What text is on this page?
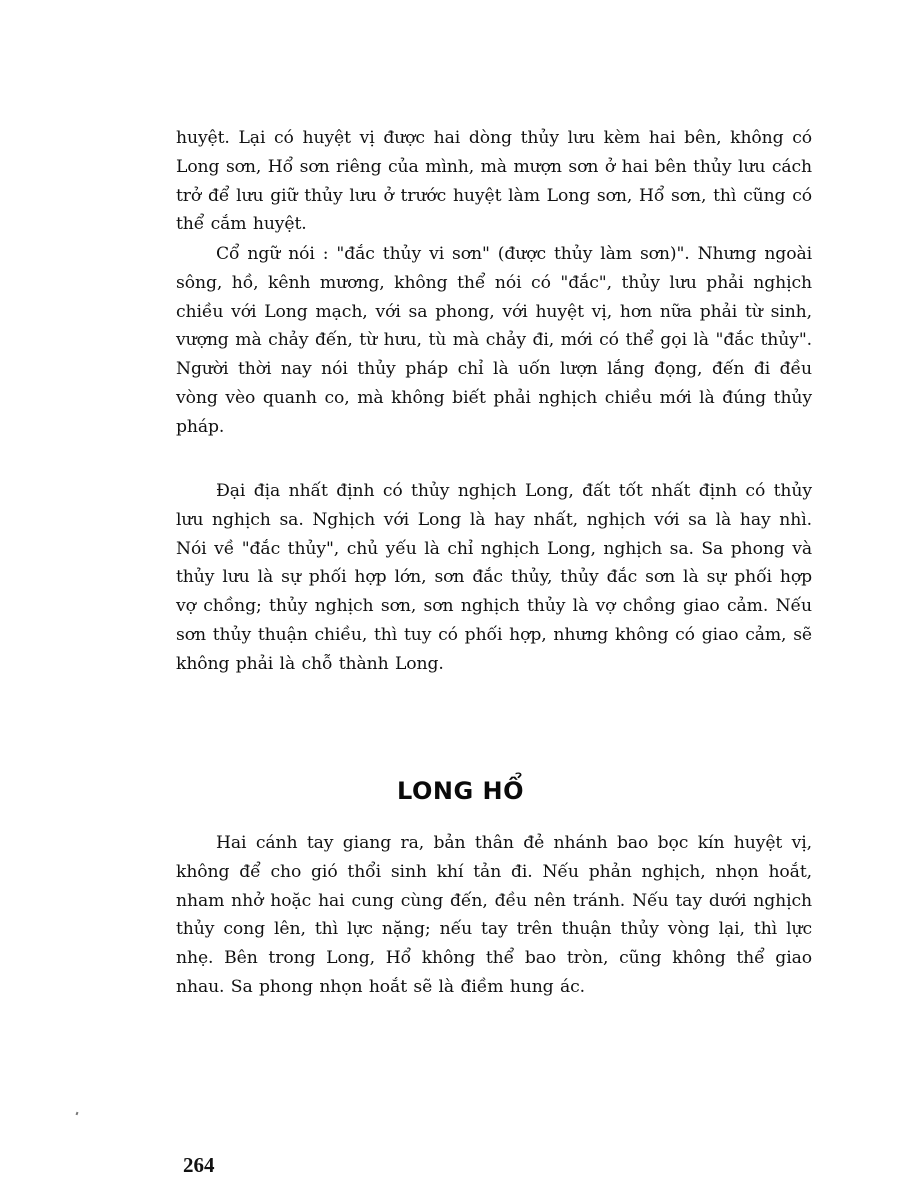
huyệt. Lại có huyệt vị được hai dòng thủy lưu kèm hai bên, không có Long sơn, Hổ sơn riêng của mình, mà mượn sơn ở hai bên thủy lưu cách trở để lưu giữ thủy lưu ở trước huyệt làm Long sơn, Hổ sơn, thì cũng có thể cắm huyệt.

Cổ ngữ nói : "đắc thủy vi sơn" (được thủy làm sơn)". Nhưng ngoài sông, hồ, kênh mương, không thể nói có "đắc", thủy lưu phải nghịch chiều với Long mạch, với sa phong, với huyệt vị, hơn nữa phải từ sinh, vượng mà chảy đến, từ hưu, tù mà chảy đi, mới có thể gọi là "đắc thủy". Người thời nay nói thủy pháp chỉ là uốn lượn lắng đọng, đến đi đều vòng vèo quanh co, mà không biết phải nghịch chiều mới là đúng thủy pháp.

Đại địa nhất định có thủy nghịch Long, đất tốt nhất định có thủy lưu nghịch sa. Nghịch với Long là hay nhất, nghịch với sa là hay nhì. Nói về "đắc thủy", chủ yếu là chỉ nghịch Long, nghịch sa. Sa phong và thủy lưu là sự phối hợp lớn, sơn đắc thủy, thủy đắc sơn là sự phối hợp vợ chồng; thủy nghịch sơn, sơn nghịch thủy là vợ chồng giao cảm. Nếu sơn thủy thuận chiều, thì tuy có phối hợp, nhưng không có giao cảm, sẽ không phải là chỗ thành Long.

LONG HỔ

Hai cánh tay giang ra, bản thân đẻ nhánh bao bọc kín huyệt vị, không để cho gió thổi sinh khí tản đi. Nếu phản nghịch, nhọn hoắt, nham nhở hoặc hai cung cùng đến, đều nên tránh. Nếu tay dưới nghịch thủy cong lên, thì lực nặng; nếu tay trên thuận thủy vòng lại, thì lực nhẹ. Bên trong Long, Hổ không thể bao tròn, cũng không thể giao nhau. Sa phong nhọn hoắt sẽ là điềm hung ác.

264
